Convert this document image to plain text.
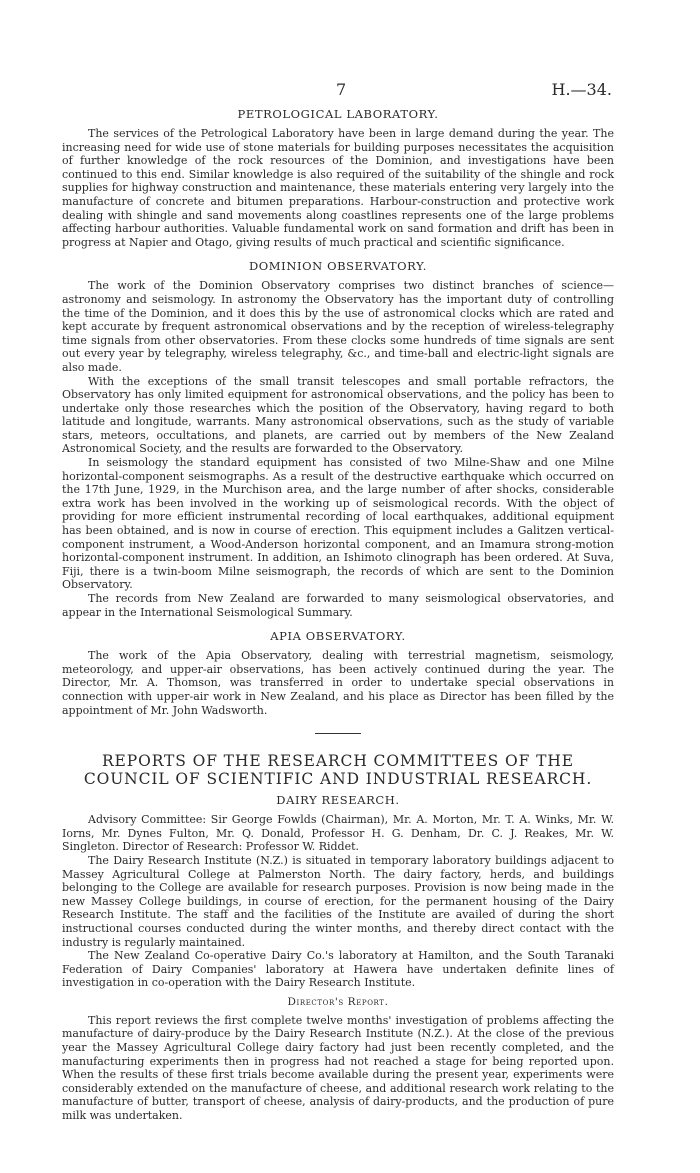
7	H.—34.
PETROLOGICAL LABORATORY.

The services of the Petrological Laboratory have been in large demand during the year. The increasing need for wide use of stone materials for building purposes necessitates the acquisition of further knowledge of the rock resources of the Dominion, and investigations have been continued to this end. Similar knowledge is also required of the suitability of the shingle and rock supplies for highway construction and maintenance, these materials entering very largely into the manufacture of concrete and bitumen preparations. Harbour-construction and protective work dealing with shingle and sand movements along coastlines represents one of the large problems affecting harbour authorities. Valuable fundamental work on sand formation and drift has been in progress at Napier and Otago, giving results of much practical and scientific significance.

DOMINION OBSERVATORY.

The work of the Dominion Observatory comprises two distinct branches of science—astronomy and seismology. In astronomy the Observatory has the important duty of controlling the time of the Dominion, and it does this by the use of astronomical clocks which are rated and kept accurate by frequent astronomical observations and by the reception of wireless-telegraphy time signals from other observatories. From these clocks some hundreds of time signals are sent out every year by telegraphy, wireless telegraphy, &c., and time-ball and electric-light signals are also made.

With the exceptions of the small transit telescopes and small portable refractors, the Observatory has only limited equipment for astronomical observations, and the policy has been to undertake only those researches which the position of the Observatory, having regard to both latitude and longitude, warrants. Many astronomical observations, such as the study of variable stars, meteors, occultations, and planets, are carried out by members of the New Zealand Astronomical Society, and the results are forwarded to the Observatory.

In seismology the standard equipment has consisted of two Milne-Shaw and one Milne horizontal-component seismographs. As a result of the destructive earthquake which occurred on the 17th June, 1929, in the Murchison area, and the large number of after shocks, considerable extra work has been involved in the working up of seismological records. With the object of providing for more efficient instrumental recording of local earthquakes, additional equipment has been obtained, and is now in course of erection. This equipment includes a Galitzen vertical-component instrument, a Wood-Anderson horizontal component, and an Imamura strong-motion horizontal-component instrument. In addition, an Ishimoto clinograph has been ordered. At Suva, Fiji, there is a twin-boom Milne seismograph, the records of which are sent to the Dominion Observatory.

The records from New Zealand are forwarded to many seismological observatories, and appear in the International Seismological Summary.

APIA OBSERVATORY.

The work of the Apia Observatory, dealing with terrestrial magnetism, seismology, meteorology, and upper-air observations, has been actively continued during the year. The Director, Mr. A. Thomson, was transferred in order to undertake special observations in connection with upper-air work in New Zealand, and his place as Director has been filled by the appointment of Mr. John Wadsworth.

REPORTS OF THE RESEARCH COMMITTEES OF THE COUNCIL OF SCIENTIFIC AND INDUSTRIAL RESEARCH.
DAIRY RESEARCH.

Advisory Committee: Sir George Fowlds (Chairman), Mr. A. Morton, Mr. T. A. Winks, Mr. W. Iorns, Mr. Dynes Fulton, Mr. Q. Donald, Professor H. G. Denham, Dr. C. J. Reakes, Mr. W. Singleton. Director of Research: Professor W. Riddet.

The Dairy Research Institute (N.Z.) is situated in temporary laboratory buildings adjacent to Massey Agricultural College at Palmerston North. The dairy factory, herds, and buildings belonging to the College are available for research purposes. Provision is now being made in the new Massey College buildings, in course of erection, for the permanent housing of the Dairy Research Institute. The staff and the facilities of the Institute are availed of during the short instructional courses conducted during the winter months, and thereby direct contact with the industry is regularly maintained.

The New Zealand Co-operative Dairy Co.'s laboratory at Hamilton, and the South Taranaki Federation of Dairy Companies' laboratory at Hawera have undertaken definite lines of investigation in co-operation with the Dairy Research Institute.

Director's Report.

This report reviews the first complete twelve months' investigation of problems affecting the manufacture of dairy-produce by the Dairy Research Institute (N.Z.). At the close of the previous year the Massey Agricultural College dairy factory had just been recently completed, and the manufacturing experiments then in progress had not reached a stage for being reported upon. When the results of these first trials become available during the present year, experiments were considerably extended on the manufacture of cheese, and additional research work relating to the manufacture of butter, transport of cheese, analysis of dairy-products, and the production of pure milk was undertaken.
